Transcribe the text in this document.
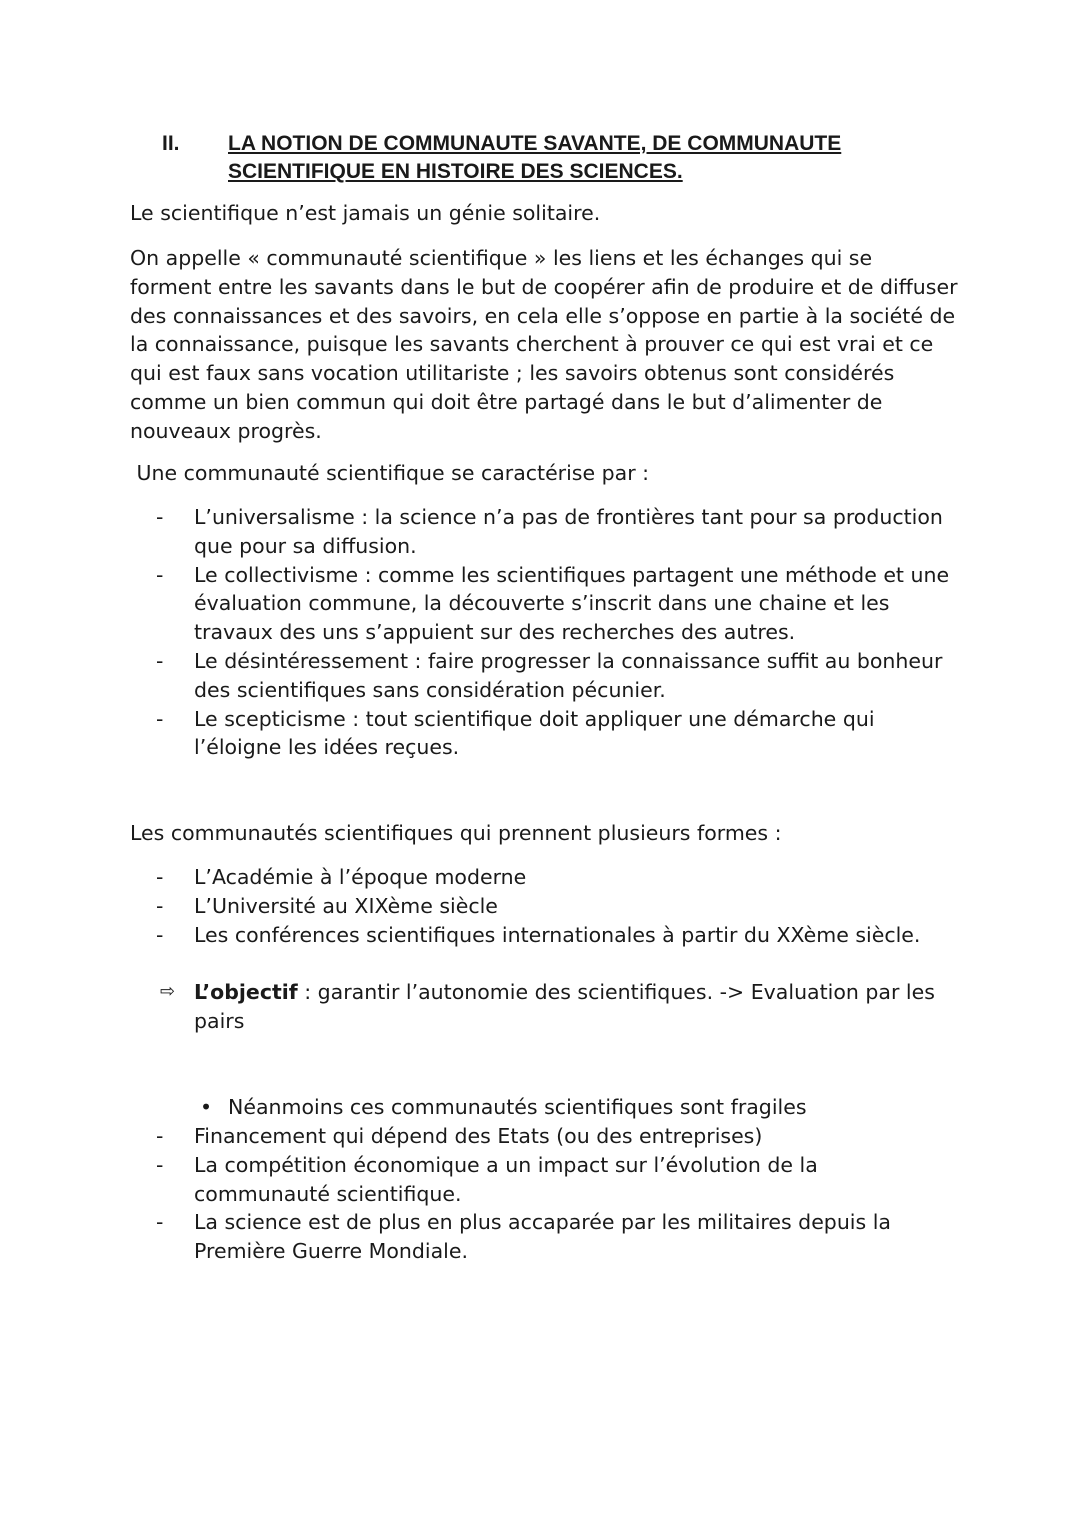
II. LA NOTION DE COMMUNAUTE SAVANTE, DE COMMUNAUTE SCIENTIFIQUE EN HISTOIRE DES SCIENCES.

Le scientifique n’est jamais un génie solitaire.

On appelle « communauté scientifique » les liens et les échanges qui se forment entre les savants dans le but de coopérer afin de produire et de diffuser des connaissances et des savoirs, en cela elle s’oppose en partie à la société de la connaissance, puisque les savants cherchent à prouver ce qui est vrai et ce qui est faux sans vocation utilitariste ; les savoirs obtenus sont considérés comme un bien commun qui doit être partagé dans le but d’alimenter de nouveaux progrès.

Une communauté scientifique se caractérise par :

- L’universalisme : la science n’a pas de frontières tant pour sa production que pour sa diffusion.
- Le collectivisme : comme les scientifiques partagent une méthode et une évaluation commune, la découverte s’inscrit dans une chaine et les travaux des uns s’appuient sur des recherches des autres.
- Le désintéressement : faire progresser la connaissance suffit au bonheur des scientifiques sans considération pécunier.
- Le scepticisme : tout scientifique doit appliquer une démarche qui l’éloigne les idées reçues.

Les communautés scientifiques qui prennent plusieurs formes :

- L’Académie à l’époque moderne
- L’Université au XIXème siècle
- Les conférences scientifiques internationales à partir du XXème siècle.
⇨ L’objectif : garantir l’autonomie des scientifiques. -> Evaluation par les pairs
• Néanmoins ces communautés scientifiques sont fragiles
- Financement qui dépend des Etats (ou des entreprises)
- La compétition économique a un impact sur l’évolution de la communauté scientifique.
- La science est de plus en plus accaparée par les militaires depuis la Première Guerre Mondiale.
